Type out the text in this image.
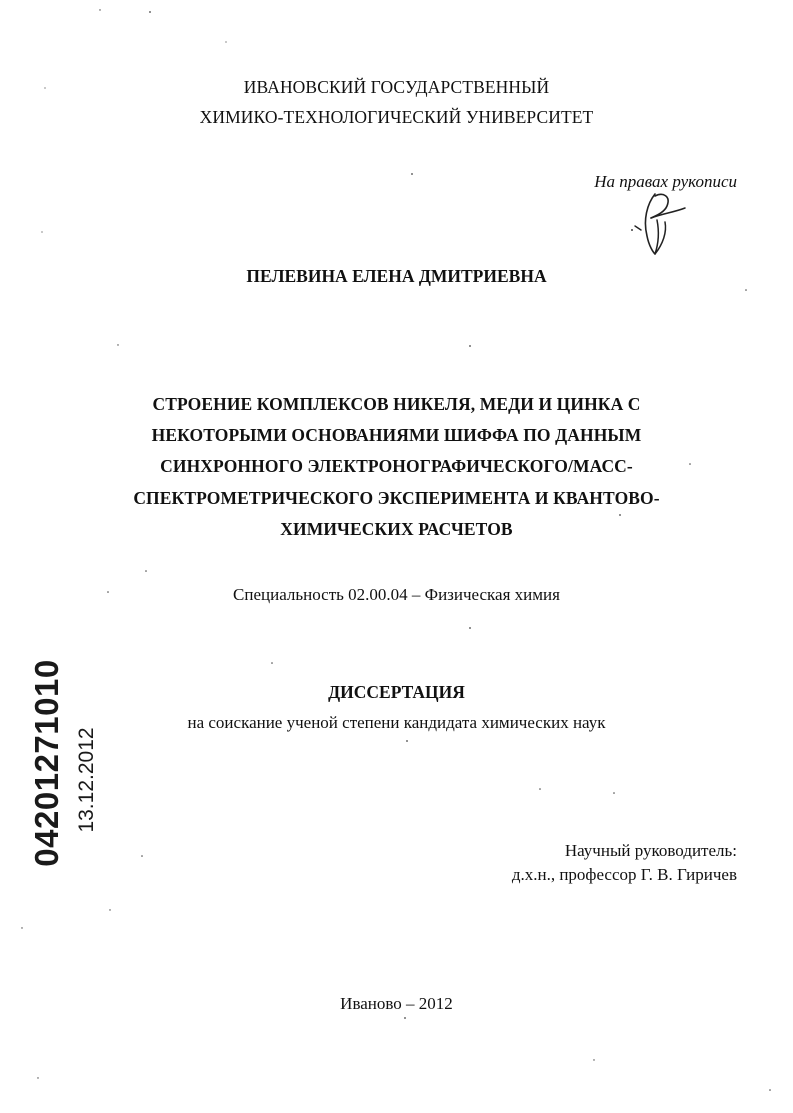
ИВАНОВСКИЙ ГОСУДАРСТВЕННЫЙ
ХИМИКО-ТЕХНОЛОГИЧЕСКИЙ УНИВЕРСИТЕТ
На правах рукописи
ПЕЛЕВИНА ЕЛЕНА ДМИТРИЕВНА
СТРОЕНИЕ КОМПЛЕКСОВ НИКЕЛЯ, МЕДИ И ЦИНКА С
НЕКОТОРЫМИ ОСНОВАНИЯМИ ШИФФА ПО ДАННЫМ
СИНХРОННОГО ЭЛЕКТРОНОГРАФИЧЕСКОГО/МАСС-
СПЕКТРОМЕТРИЧЕСКОГО ЭКСПЕРИМЕНТА И КВАНТОВО-
ХИМИЧЕСКИХ РАСЧЕТОВ
Специальность 02.00.04 – Физическая химия
ДИССЕРТАЦИЯ
на соискание ученой степени кандидата химических наук
Научный руководитель:
д.х.н., профессор Г. В. Гиричев
Иваново – 2012
04201271010 13.12.2012
